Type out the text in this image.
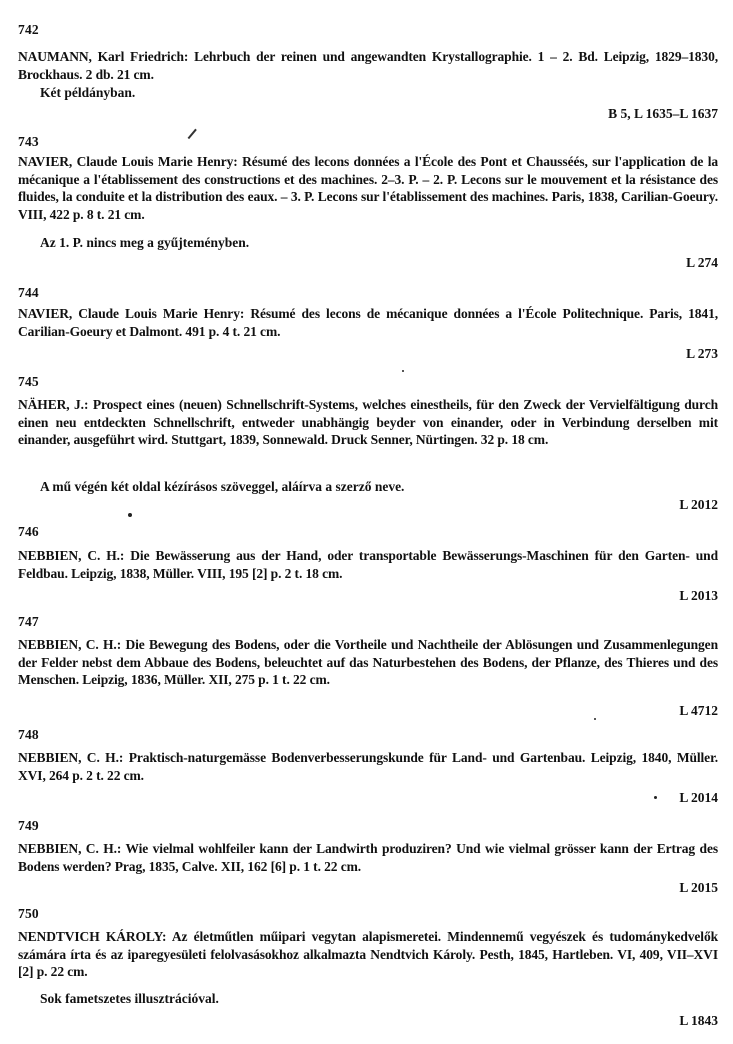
742
NAUMANN, Karl Friedrich: Lehrbuch der reinen und angewandten Krystallographie. 1 – 2. Bd. Leipzig, 1829–1830, Brockhaus. 2 db. 21 cm.
Két példányban.
B 5, L 1635–L 1637
743
NAVIER, Claude Louis Marie Henry: Résumé des lecons données a l'École des Pont et Chausséés, sur l'application de la mécanique a l'établissement des constructions et des machines. 2–3. P. – 2. P. Lecons sur le mouvement et la résistance des fluides, la conduite et la distribution des eaux. – 3. P. Lecons sur l'établissement des machines. Paris, 1838, Carilian-Goeury. VIII, 422 p. 8 t. 21 cm.
Az 1. P. nincs meg a gyűjteményben.
L 274
744
NAVIER, Claude Louis Marie Henry: Résumé des lecons de mécanique données a l'École Politechnique. Paris, 1841, Carilian-Goeury et Dalmont. 491 p. 4 t. 21 cm.
L 273
745
NÄHER, J.: Prospect eines (neuen) Schnellschrift-Systems, welches einestheils, für den Zweck der Vervielfältigung durch einen neu entdeckten Schnellschrift, entweder unabhängig beyder von einander, oder in Verbindung derselben mit einander, ausgeführt wird. Stuttgart, 1839, Sonnewald. Druck Senner, Nürtingen. 32 p. 18 cm.
A mű végén két oldal kézírásos szöveggel, aláírva a szerző neve.
L 2012
746
NEBBIEN, C. H.: Die Bewässerung aus der Hand, oder transportable Bewässerungs-Maschinen für den Garten- und Feldbau. Leipzig, 1838, Müller. VIII, 195 [2] p. 2 t. 18 cm.
L 2013
747
NEBBIEN, C. H.: Die Bewegung des Bodens, oder die Vortheile und Nachtheile der Ablösungen und Zusammenlegungen der Felder nebst dem Abbaue des Bodens, beleuchtet auf das Naturbestehen des Bodens, der Pflanze, des Thieres und des Menschen. Leipzig, 1836, Müller. XII, 275 p. 1 t. 22 cm.
L 4712
748
NEBBIEN, C. H.: Praktisch-naturgemässe Bodenverbesserungskunde für Land- und Gartenbau. Leipzig, 1840, Müller. XVI, 264 p. 2 t. 22 cm.
L 2014
749
NEBBIEN, C. H.: Wie vielmal wohlfeiler kann der Landwirth produziren? Und wie vielmal grösser kann der Ertrag des Bodens werden? Prag, 1835, Calve. XII, 162 [6] p. 1 t. 22 cm.
L 2015
750
NENDTVICH KÁROLY: Az életműtlen műipari vegytan alapismeretei. Mindennemű vegyészek és tudománykedvelők számára írta és az iparegyesületi felolvasásokhoz alkalmazta Nendtvich Károly. Pesth, 1845, Hartleben. VI, 409, VII–XVI [2] p. 22 cm.
Sok fametszetes illusztrációval.
L 1843
